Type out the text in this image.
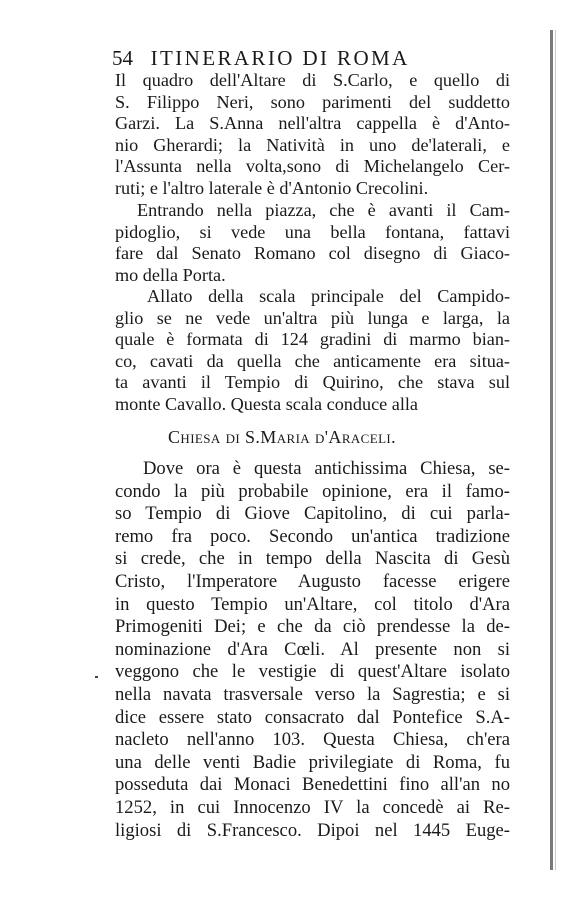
54 ITINERARIO DI ROMA
Il quadro dell'Altare di S.Carlo, e quello di
S. Filippo Neri, sono parimenti del suddetto
Garzi. La S.Anna nell'altra cappella è d'Anto-
nio Gherardi; la Natività in uno de'laterali, e
l'Assunta nella volta,sono di Michelangelo Cer-
ruti; e l'altro laterale è d'Antonio Crecolini.
Entrando nella piazza, che è avanti il Cam-
pidoglio, si vede una bella fontana, fattavi
fare dal Senato Romano col disegno di Giaco-
mo della Porta.
Allato della scala principale del Campido-
glio se ne vede un'altra più lunga e larga, la
quale è formata di 124 gradini di marmo bian-
co, cavati da quella che anticamente era situa-
ta avanti il Tempio di Quirino, che stava sul
monte Cavallo. Questa scala conduce alla
Chiesa di S.Maria d'Araceli.
Dove ora è questa antichissima Chiesa, se-
condo la più probabile opinione, era il famo-
so Tempio di Giove Capitolino, di cui parla-
remo fra poco. Secondo un'antica tradizione
si crede, che in tempo della Nascita di Gesù
Cristo, l'Imperatore Augusto facesse erigere
in questo Tempio un'Altare, col titolo d'Ara
Primogeniti Dei; e che da ciò prendesse la de-
nominazione d'Ara Cœli. Al presente non si
veggono che le vestigie di quest'Altare isolato
nella navata trasversale verso la Sagrestia; e si
dice essere stato consacrato dal Pontefice S.A-
nacleto nell'anno 103. Questa Chiesa, ch'era
una delle venti Badie privilegiate di Roma, fu
posseduta dai Monaci Benedettini fino all'an no
1252, in cui Innocenzo IV la concedè ai Re-
ligiosi di S.Francesco. Dipoi nel 1445 Euge-
